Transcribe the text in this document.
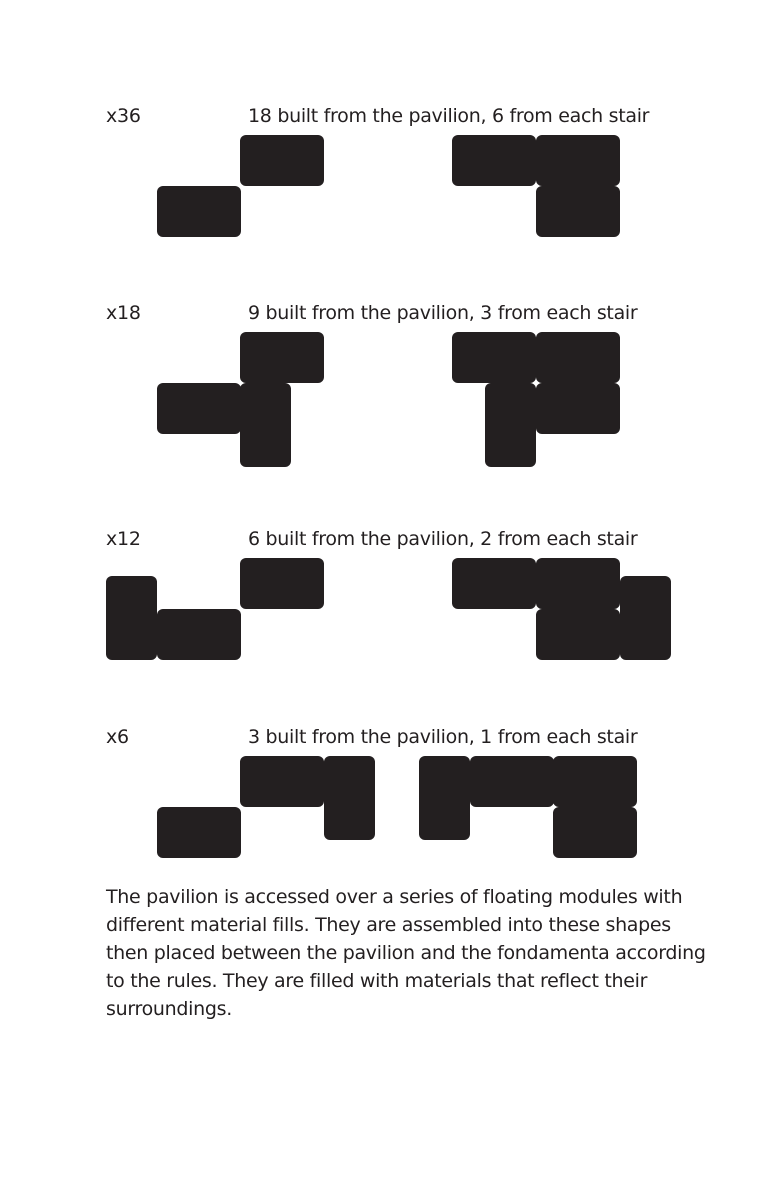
x36	18 built from the pavilion, 6 from each stair
x18	9 built from the pavilion, 3 from each stair
x12	6 built from the pavilion, 2 from each stair
x6	3 built from the pavilion, 1 from each stair

The pavilion is accessed over a series of floating modules with different material fills. They are assembled into these shapes then placed between the pavilion and the fondamenta according to the rules. They are filled with materials that reflect their surroundings.
